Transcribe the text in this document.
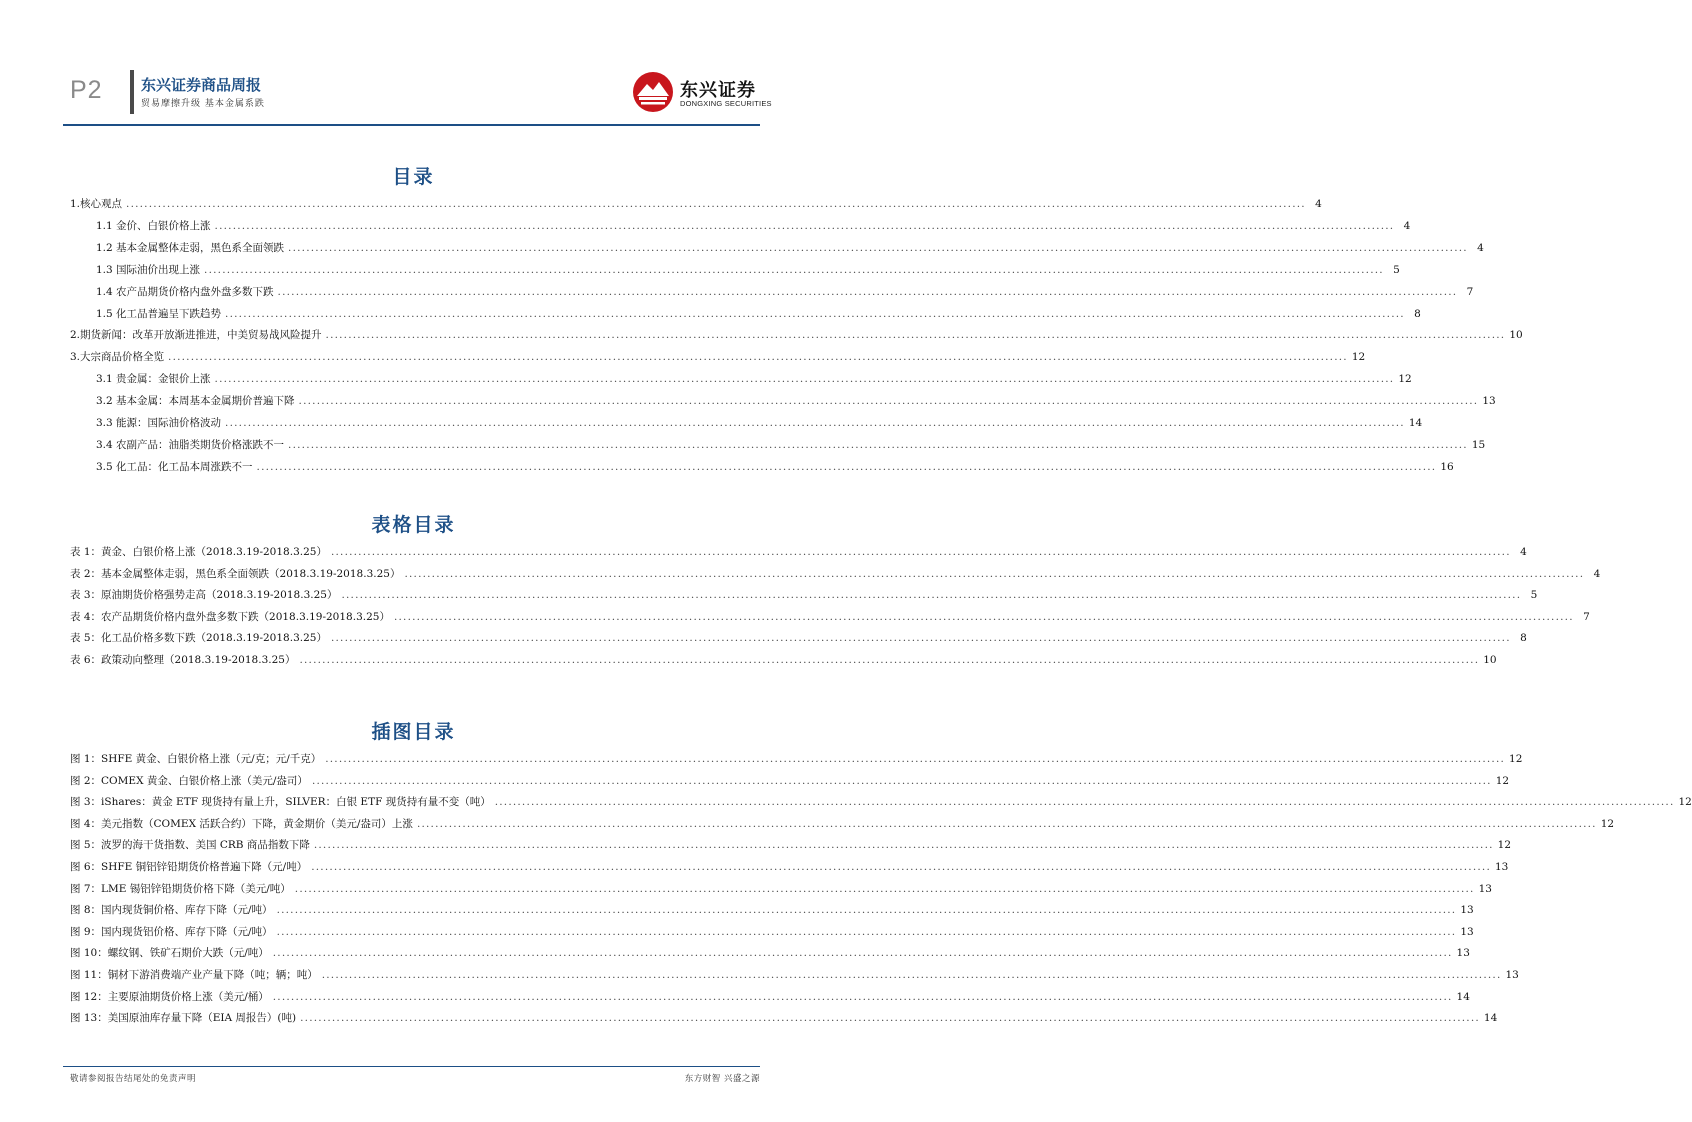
P2	东兴证券商品周报
贸易摩擦升级 基本金属系跌
东兴证券
DONGXING SECURITIES
目录
1.核心观点 .................................................................................................................................................................................................................................................................... 4
1.1 金价、白银价格上涨 .................................................................................................................................................................................................................................................................... 4
1.2 基本金属整体走弱，黑色系全面领跌 .................................................................................................................................................................................................................................................................... 4
1.3 国际油价出现上涨 .................................................................................................................................................................................................................................................................... 5
1.4 农产品期货价格内盘外盘多数下跌 .................................................................................................................................................................................................................................................................... 7
1.5 化工品普遍呈下跌趋势 .................................................................................................................................................................................................................................................................... 8
2.期货新闻：改革开放渐进推进，中美贸易战风险提升 .................................................................................................................................................................................................................................................................... 10
3.大宗商品价格全览 .................................................................................................................................................................................................................................................................... 12
3.1 贵金属：金银价上涨 .................................................................................................................................................................................................................................................................... 12
3.2 基本金属：本周基本金属期价普遍下降 .................................................................................................................................................................................................................................................................... 13
3.3 能源：国际油价格波动 .................................................................................................................................................................................................................................................................... 14
3.4 农副产品：油脂类期货价格涨跌不一 .................................................................................................................................................................................................................................................................... 15
3.5 化工品：化工品本周涨跌不一 .................................................................................................................................................................................................................................................................... 16
表格目录
表 1：黄金、白银价格上涨（2018.3.19-2018.3.25） .................................................................................................................................................................................................................................................................... 4
表 2：基本金属整体走弱，黑色系全面领跌（2018.3.19-2018.3.25） .................................................................................................................................................................................................................................................................... 4
表 3：原油期货价格强势走高（2018.3.19-2018.3.25） .................................................................................................................................................................................................................................................................... 5
表 4：农产品期货价格内盘外盘多数下跌（2018.3.19-2018.3.25） .................................................................................................................................................................................................................................................................... 7
表 5：化工品价格多数下跌（2018.3.19-2018.3.25） .................................................................................................................................................................................................................................................................... 8
表 6：政策动向整理（2018.3.19-2018.3.25） .................................................................................................................................................................................................................................................................... 10
插图目录
图 1：SHFE 黄金、白银价格上涨（元/克；元/千克） .................................................................................................................................................................................................................................................................... 12
图 2：COMEX 黄金、白银价格上涨（美元/盎司） .................................................................................................................................................................................................................................................................... 12
图 3：iShares：黄金 ETF 现货持有量上升，SILVER：白银 ETF 现货持有量不变（吨） .................................................................................................................................................................................................................................................................... 12
图 4：美元指数（COMEX 活跃合约）下降，黄金期价（美元/盎司）上涨 .................................................................................................................................................................................................................................................................... 12
图 5：波罗的海干货指数、美国 CRB 商品指数下降 .................................................................................................................................................................................................................................................................... 12
图 6：SHFE 铜铝锌铅期货价格普遍下降（元/吨） .................................................................................................................................................................................................................................................................... 13
图 7：LME 锡铝锌铅期货价格下降（美元/吨） .................................................................................................................................................................................................................................................................... 13
图 8：国内现货铜价格、库存下降（元/吨） .................................................................................................................................................................................................................................................................... 13
图 9：国内现货铝价格、库存下降（元/吨） .................................................................................................................................................................................................................................................................... 13
图 10：螺纹钢、铁矿石期价大跌（元/吨） .................................................................................................................................................................................................................................................................... 13
图 11：铜材下游消费端产业产量下降（吨；辆；吨） .................................................................................................................................................................................................................................................................... 13
图 12：主要原油期货价格上涨（美元/桶） .................................................................................................................................................................................................................................................................... 14
图 13：美国原油库存量下降（EIA 周报告）(吨) .................................................................................................................................................................................................................................................................... 14
敬请参阅报告结尾处的免责声明	东方财智 兴盛之源
